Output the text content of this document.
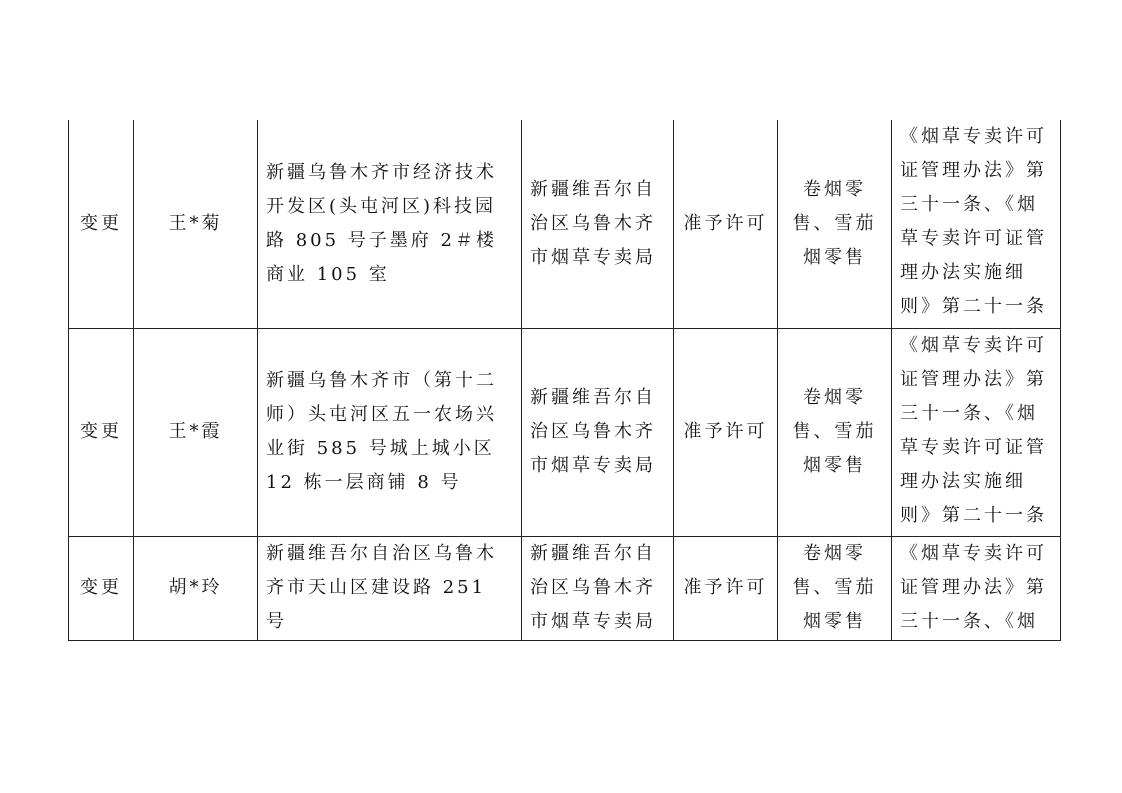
变更	王*菊	新疆乌鲁木齐市经济技术开发区(头屯河区)科技园路 805 号子墨府 2＃楼商业 105 室	新疆维吾尔自治区乌鲁木齐市烟草专卖局	准予许可	卷烟零售、雪茄烟零售	《烟草专卖许可证管理办法》第三十一条、《烟草专卖许可证管理办法实施细则》第二十一条
变更	王*霞	新疆乌鲁木齐市（第十二师）头屯河区五一农场兴业街 585 号城上城小区 12 栋一层商铺 8 号	新疆维吾尔自治区乌鲁木齐市烟草专卖局	准予许可	卷烟零售、雪茄烟零售	《烟草专卖许可证管理办法》第三十一条、《烟草专卖许可证管理办法实施细则》第二十一条
变更	胡*玲	新疆维吾尔自治区乌鲁木齐市天山区建设路 251 号	新疆维吾尔自治区乌鲁木齐市烟草专卖局	准予许可	卷烟零售、雪茄烟零售	《烟草专卖许可证管理办法》第三十一条、《烟
